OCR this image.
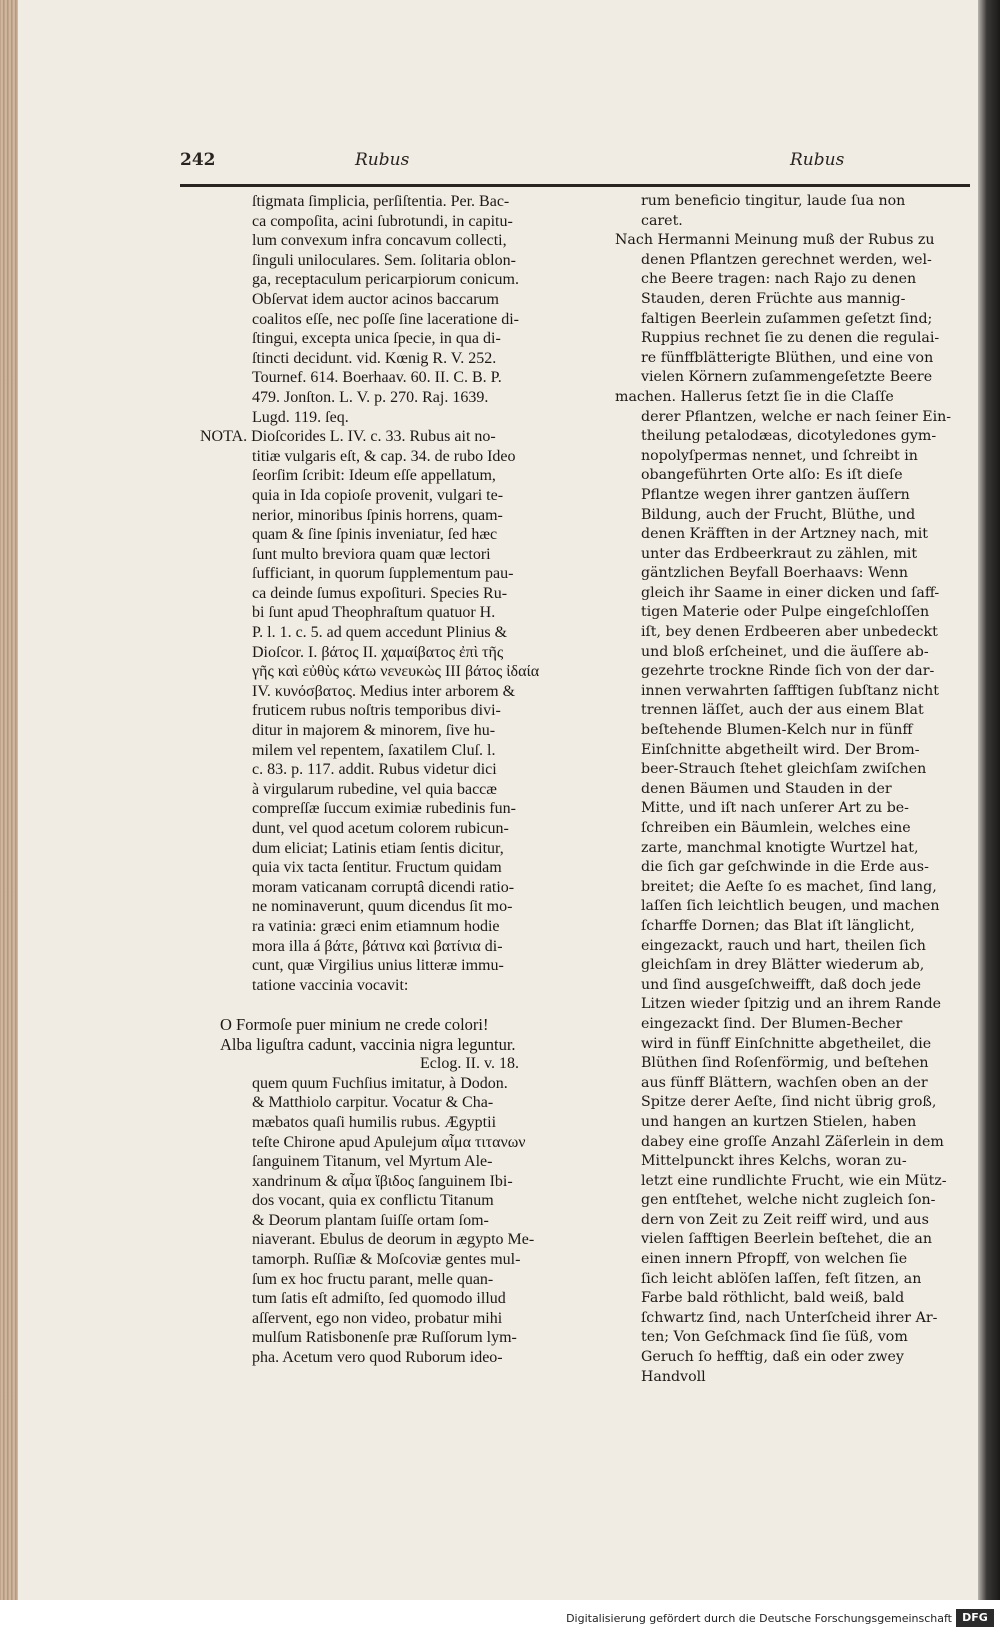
242	Rubus	Rubus
ſtigmata ſimplicia, perſiſtentia. Per. Bac-
ca compoſita, acini ſubrotundi, in capitu-
lum convexum infra concavum collecti,
ſinguli uniloculares. Sem. ſolitaria oblon-
ga, receptaculum pericarpiorum conicum.
Obſervat idem auctor acinos baccarum
coalitos eſſe, nec poſſe ſine laceratione di-
ſtingui, excepta unica ſpecie, in qua di-
ſtincti decidunt. vid. Kœnig R. V. 252.
Tournef. 614. Boerhaav. 60. II. C. B. P.
479. Jonſton. L. V. p. 270. Raj. 1639.
Lugd. 119. ſeq.
NOTA. Dioſcorides L. IV. c. 33. Rubus ait no-
titiæ vulgaris eſt, & cap. 34. de rubo Ideo
ſeorſim ſcribit: Ideum eſſe appellatum,
quia in Ida copioſe provenit, vulgari te-
nerior, minoribus ſpinis horrens, quam-
quam & ſine ſpinis inveniatur, ſed hæc
ſunt multo breviora quam quæ lectori
ſufficiant, in quorum ſupplementum pau-
ca deinde ſumus expoſituri. Species Ru-
bi ſunt apud Theophraſtum quatuor H.
P. l. 1. c. 5. ad quem accedunt Plinius &
Dioſcor. I. βάτος II. χαμαίβατος ἐπὶ τῆς
γῆς καὶ εὐθὺς κάτω νενευκὼς III βάτος ἰδαία
IV. κυνόσβατος. Medius inter arborem &
fruticem rubus noſtris temporibus divi-
ditur in majorem & minorem, ſive hu-
milem vel repentem, ſaxatilem Cluſ. l.
c. 83. p. 117. addit. Rubus videtur dici
à virgularum rubedine, vel quia baccæ
compreſſæ ſuccum eximiæ rubedinis fun-
dunt, vel quod acetum colorem rubicun-
dum eliciat; Latinis etiam ſentis dicitur,
quia vix tacta ſentitur. Fructum quidam
moram vaticanam corruptâ dicendi ratio-
ne nominaverunt, quum dicendus ſit mo-
ra vatinia: græci enim etiamnum hodie
mora illa á βάτε, βάτινα καὶ βατίνια di-
cunt, quæ Virgilius unius litteræ immu-
tatione vaccinia vocavit:
O Formoſe puer minium ne crede colori!
Alba liguſtra cadunt, vaccinia nigra leguntur.
Eclog. II. v. 18.
quem quum Fuchſius imitatur, à Dodon.
& Matthiolo carpitur. Vocatur & Cha-
mæbatos quaſi humilis rubus. Ægyptii
teſte Chirone apud Apulejum αἷμα τιτανων
ſanguinem Titanum, vel Myrtum Ale-
xandrinum & αἷμα ἴβιδος ſanguinem Ibi-
dos vocant, quia ex conflictu Titanum
& Deorum plantam ſuiſſe ortam ſom-
niaverant. Ebulus de deorum in ægypto Me-
tamorph. Ruſſiæ & Moſcoviæ gentes mul-
ſum ex hoc fructu parant, melle quan-
tum ſatis eſt admiſto, ſed quomodo illud
aſſervent, ego non video, probatur mihi
mulſum Ratisbonenſe præ Ruſſorum lym-
pha. Acetum vero quod Ruborum ideo-
rum beneficio tingitur, laude ſua non
caret.
Nach Hermanni Meinung muß der Rubus zu
denen Pflantzen gerechnet werden, wel-
che Beere tragen: nach Rajo zu denen
Stauden, deren Früchte aus mannig-
faltigen Beerlein zuſammen geſetzt ſind;
Ruppius rechnet ſie zu denen die regulai-
re fünffblätterigte Blüthen, und eine von
vielen Körnern zuſammengeſetzte Beere
machen. Hallerus ſetzt ſie in die Claſſe
derer Pflantzen, welche er nach ſeiner Ein-
theilung petalodæas, dicotyledones gym-
nopolyſpermas nennet, und ſchreibt in
obangeführten Orte alſo: Es iſt dieſe
Pflantze wegen ihrer gantzen äuſſern
Bildung, auch der Frucht, Blüthe, und
denen Kräfften in der Artzney nach, mit
unter das Erdbeerkraut zu zählen, mit
gäntzlichen Beyfall Boerhaavs: Wenn
gleich ihr Saame in einer dicken und ſaff-
tigen Materie oder Pulpe eingeſchloſſen
iſt, bey denen Erdbeeren aber unbedeckt
und bloß erſcheinet, und die äuſſere ab-
gezehrte trockne Rinde ſich von der dar-
innen verwahrten ſafftigen ſubſtanz nicht
trennen läſſet, auch der aus einem Blat
beſtehende Blumen-Kelch nur in fünff
Einſchnitte abgetheilt wird. Der Brom-
beer-Strauch ſtehet gleichſam zwiſchen
denen Bäumen und Stauden in der
Mitte, und iſt nach unſerer Art zu be-
ſchreiben ein Bäumlein, welches eine
zarte, manchmal knotigte Wurtzel hat,
die ſich gar geſchwinde in die Erde aus-
breitet; die Aeſte ſo es machet, ſind lang,
laſſen ſich leichtlich beugen, und machen
ſcharffe Dornen; das Blat iſt länglicht,
eingezackt, rauch und hart, theilen ſich
gleichſam in drey Blätter wiederum ab,
und ſind ausgeſchweifft, daß doch jede
Litzen wieder ſpitzig und an ihrem Rande
eingezackt ſind. Der Blumen-Becher
wird in fünff Einſchnitte abgetheilet, die
Blüthen ſind Roſenförmig, und beſtehen
aus fünff Blättern, wachſen oben an der
Spitze derer Aeſte, ſind nicht übrig groß,
und hangen an kurtzen Stielen, haben
dabey eine groſſe Anzahl Zäſerlein in dem
Mittelpunckt ihres Kelchs, woran zu-
letzt eine rundlichte Frucht, wie ein Mütz-
gen entſtehet, welche nicht zugleich ſon-
dern von Zeit zu Zeit reiff wird, und aus
vielen ſafftigen Beerlein beſtehet, die an
einen innern Pfropff, von welchen ſie
ſich leicht ablöſen laſſen, feſt ſitzen, an
Farbe bald röthlicht, bald weiß, bald
ſchwartz ſind, nach Unterſcheid ihrer Ar-
ten; Von Geſchmack ſind ſie ſüß, vom
Geruch ſo hefftig, daß ein oder zwey
Handvoll
Digitalisierung gefördert durch die Deutsche Forschungsgemeinschaft DFG
